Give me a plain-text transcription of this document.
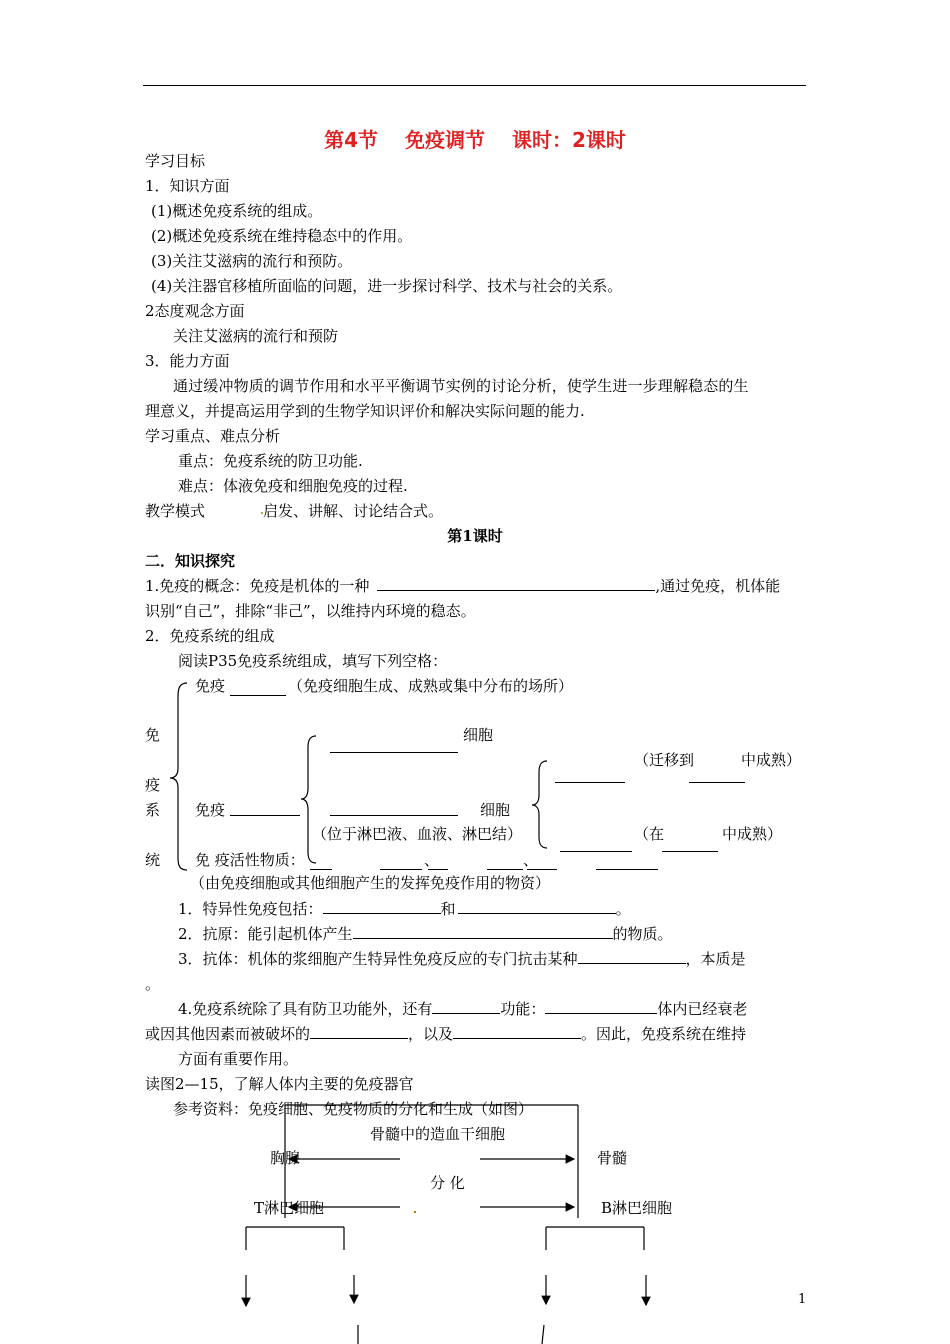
第4节 免疫调节 课时：2课时
学习目标
1．知识方面
(1)概述免疫系统的组成。
(2)概述免疫系统在维持稳态中的作用。
(3)关注艾滋病的流行和预防。
(4)关注器官移植所面临的问题，进一步探讨科学、技术与社会的关系。
2态度观念方面
关注艾滋病的流行和预防
3．能力方面
通过缓冲物质的调节作用和水平平衡调节实例的讨论分析，使学生进一步理解稳态的生
理意义，并提高运用学到的生物学知识评价和解决实际问题的能力.
学习重点、难点分析
重点：免疫系统的防卫功能.
难点：体液免疫和细胞免疫的过程.
教学模式	启发、讲解、讨论结合式。
第1课时
二．知识探究
1.免疫的概念：免疫是机体的一种	,通过免疫，机体能
识别“自己”，排除“非己”，以维持内环境的稳态。
2．免疫系统的组成
阅读P35免疫系统组成，填写下列空格：
免
疫
系
统
免疫	（免疫细胞生成、成熟或集中分布的场所）
细胞
免疫	细胞
（位于淋巴液、血液、淋巴结）
（迁移到	中成熟）
（在	中成熟）
免 疫活性物质：	、	、
（由免疫细胞或其他细胞产生的发挥免疫作用的物资）
1．特异性免疫包括：	和	。
2．抗原：能引起机体产生	的物质。
3．抗体：机体的浆细胞产生特异性免疫反应的专门抗击某种	，本质是
。
4.免疫系统除了具有防卫功能外，还有	功能：	体内已经衰老
或因其他因素而被破坏的	，以及	。因此，免疫系统在维持
方面有重要作用。
读图2—15，了解人体内主要的免疫器官
参考资料：免疫细胞、免疫物质的分化和生成（如图）
骨髓中的造血干细胞
胸腺	骨髓
分 化
T淋巴细胞	B淋巴细胞
1
